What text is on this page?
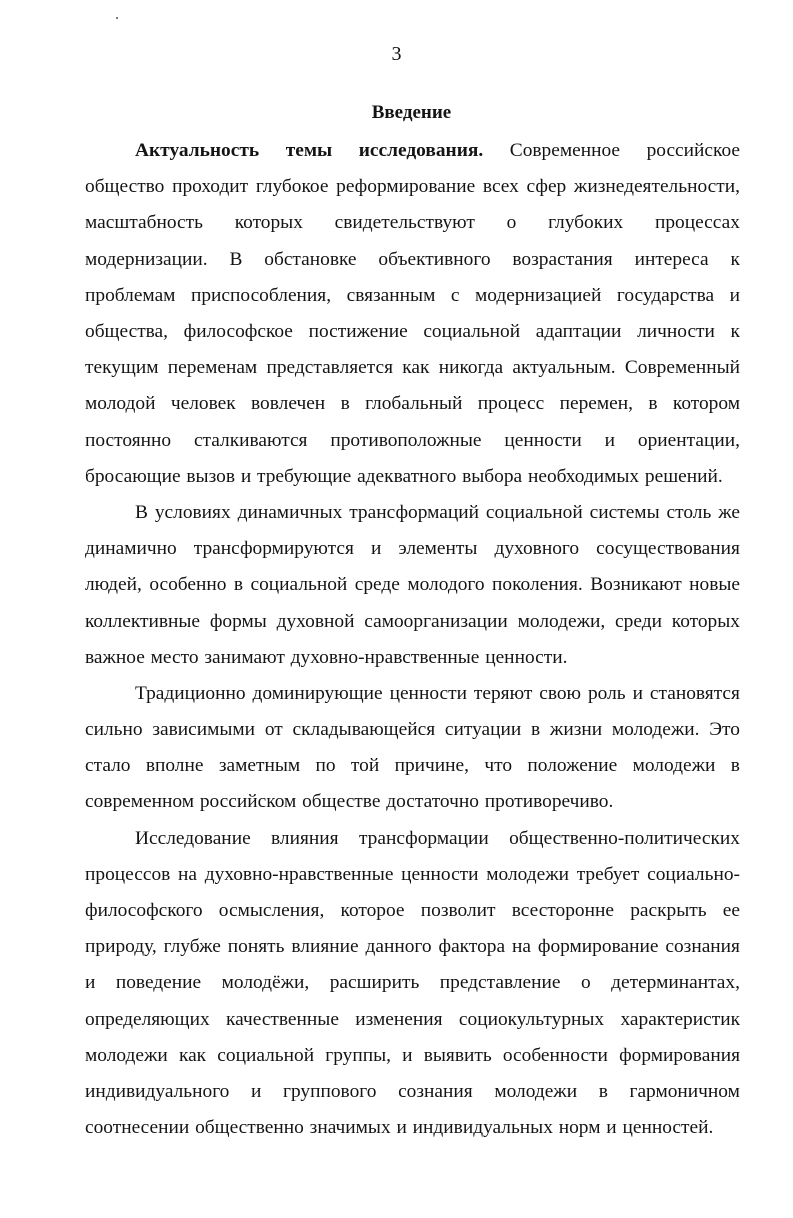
3
Введение
Актуальность темы исследования. Современное российское
общество проходит глубокое реформирование всех сфер жизнедеятельности,
масштабность которых свидетельствуют о глубоких процессах
модернизации. В обстановке объективного возрастания интереса к
проблемам приспособления, связанным с модернизацией государства и
общества, философское постижение социальной адаптации личности к
текущим переменам представляется как никогда актуальным. Современный
молодой человек вовлечен в глобальный процесс перемен, в котором
постоянно сталкиваются противоположные ценности и ориентации,
бросающие вызов и требующие адекватного выбора необходимых решений.
В условиях динамичных трансформаций социальной системы столь же
динамично трансформируются и элементы духовного сосуществования
людей, особенно в социальной среде молодого поколения. Возникают новые
коллективные формы духовной самоорганизации молодежи, среди которых
важное место занимают духовно-нравственные ценности.
Традиционно доминирующие ценности теряют свою роль и становятся
сильно зависимыми от складывающейся ситуации в жизни молодежи. Это
стало вполне заметным по той причине, что положение молодежи в
современном российском обществе достаточно противоречиво.
Исследование влияния трансформации общественно-политических
процессов на духовно-нравственные ценности молодежи требует социально-
философского осмысления, которое позволит всесторонне раскрыть ее
природу, глубже понять влияние данного фактора на формирование сознания
и поведение молодёжи, расширить представление о детерминантах,
определяющих качественные изменения социокультурных характеристик
молодежи как социальной группы, и выявить особенности формирования
индивидуального и группового сознания молодежи в гармоничном
соотнесении общественно значимых и индивидуальных норм и ценностей.
